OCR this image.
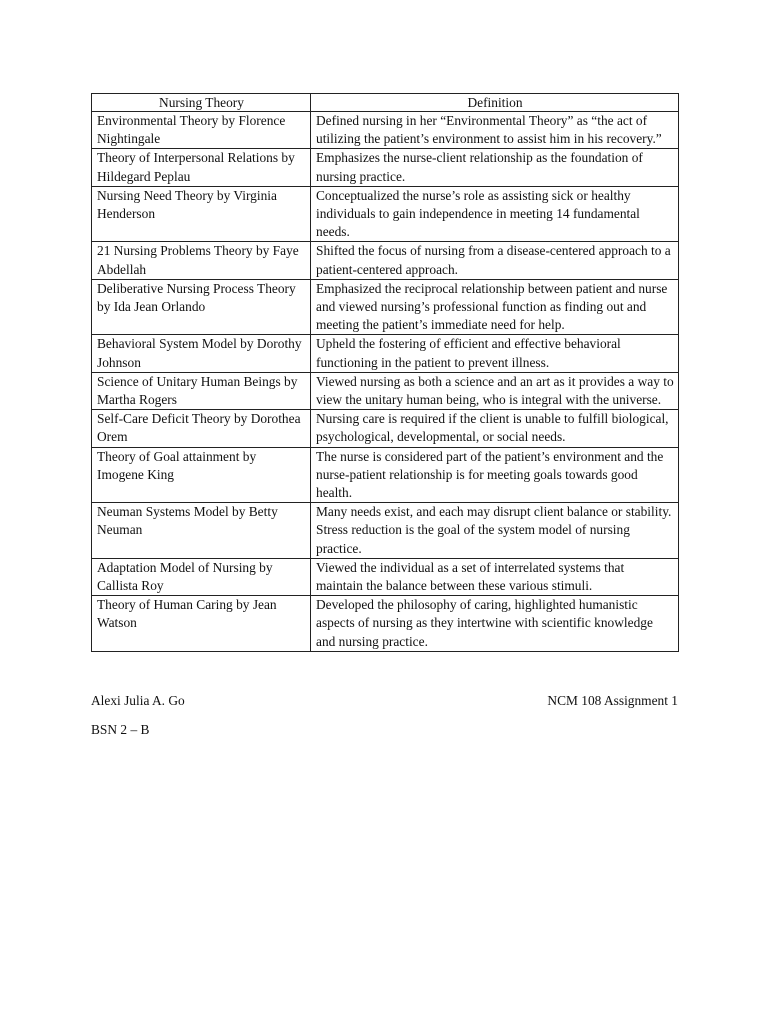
Nursing Theory	Definition
Environmental Theory by Florence Nightingale	Defined nursing in her “Environmental Theory” as “the act of utilizing the patient’s environment to assist him in his recovery.”
Theory of Interpersonal Relations by Hildegard Peplau	Emphasizes the nurse-client relationship as the foundation of nursing practice.
Nursing Need Theory by Virginia Henderson	Conceptualized the nurse’s role as assisting sick or healthy individuals to gain independence in meeting 14 fundamental needs.
21 Nursing Problems Theory by Faye Abdellah	Shifted the focus of nursing from a disease-centered approach to a patient-centered approach.
Deliberative Nursing Process Theory by Ida Jean Orlando	Emphasized the reciprocal relationship between patient and nurse and viewed nursing’s professional function as finding out and meeting the patient’s immediate need for help.
Behavioral System Model by Dorothy Johnson	Upheld the fostering of efficient and effective behavioral functioning in the patient to prevent illness.
Science of Unitary Human Beings by Martha Rogers	Viewed nursing as both a science and an art as it provides a way to view the unitary human being, who is integral with the universe.
Self-Care Deficit Theory by Dorothea Orem	Nursing care is required if the client is unable to fulfill biological, psychological, developmental, or social needs.
Theory of Goal attainment by Imogene King	The nurse is considered part of the patient’s environment and the nurse-patient relationship is for meeting goals towards good health.
Neuman Systems Model by Betty Neuman	Many needs exist, and each may disrupt client balance or stability. Stress reduction is the goal of the system model of nursing practice.
Adaptation Model of Nursing by Callista Roy	Viewed the individual as a set of interrelated systems that maintain the balance between these various stimuli.
Theory of Human Caring by Jean Watson	Developed the philosophy of caring, highlighted humanistic aspects of nursing as they intertwine with scientific knowledge and nursing practice.
Alexi Julia A. Go	NCM 108 Assignment 1
BSN 2 – B
